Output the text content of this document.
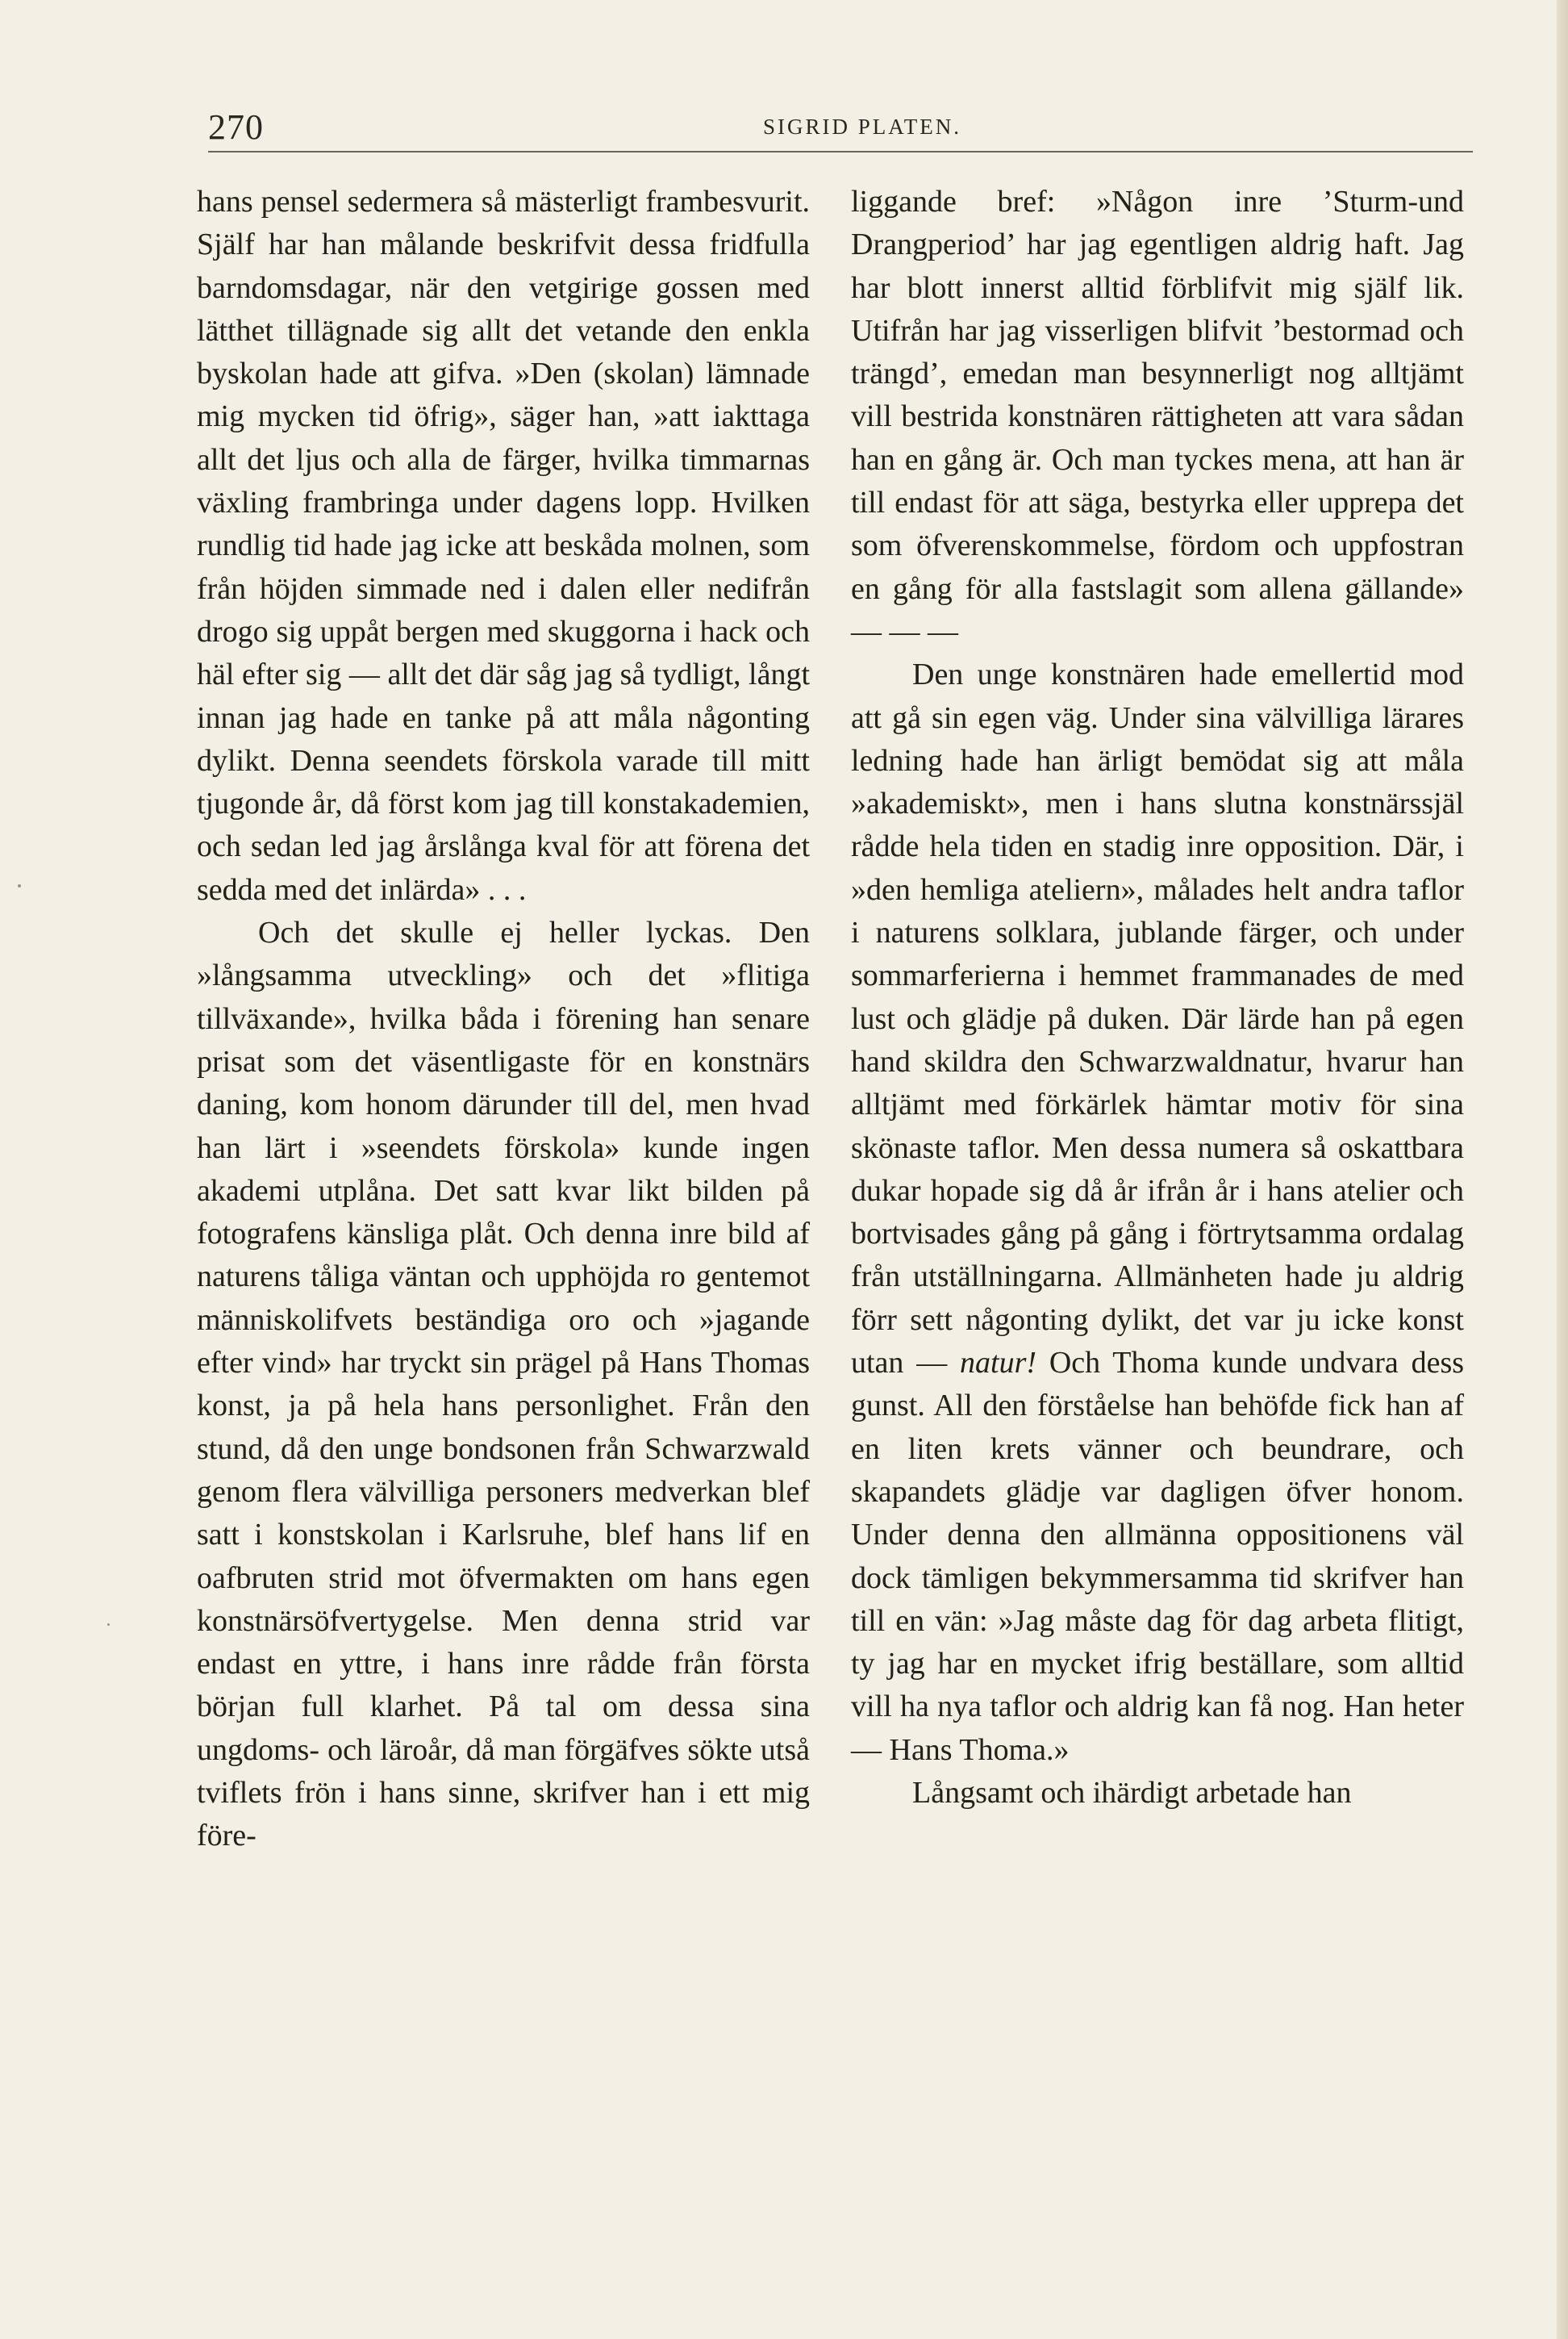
270	SIGRID PLATEN.

hans pensel sedermera så mästerligt frambesvurit. Själf har han målande beskrifvit dessa fridfulla barndomsdagar, när den vetgirige gossen med lätthet tillägnade sig allt det vetande den enkla byskolan hade att gifva. »Den (skolan) lämnade mig mycken tid öfrig», säger han, »att iakttaga allt det ljus och alla de färger, hvilka timmarnas växling frambringa under dagens lopp. Hvilken rundlig tid hade jag icke att beskåda molnen, som från höjden simmade ned i dalen eller nedifrån drogo sig uppåt bergen med skuggorna i hack och häl efter sig — allt det där såg jag så tydligt, långt innan jag hade en tanke på att måla någonting dylikt. Denna seendets förskola varade till mitt tjugonde år, då först kom jag till konstakademien, och sedan led jag årslånga kval för att förena det sedda med det inlärda» . . .

Och det skulle ej heller lyckas. Den »långsamma utveckling» och det »flitiga tillväxande», hvilka båda i förening han senare prisat som det väsentligaste för en konstnärs daning, kom honom därunder till del, men hvad han lärt i »seendets förskola» kunde ingen akademi utplåna. Det satt kvar likt bilden på fotografens känsliga plåt. Och denna inre bild af naturens tåliga väntan och upphöjda ro gentemot människolifvets beständiga oro och »jagande efter vind» har tryckt sin prägel på Hans Thomas konst, ja på hela hans personlighet. Från den stund, då den unge bondsonen från Schwarzwald genom flera välvilliga personers medverkan blef satt i konstskolan i Karlsruhe, blef hans lif en oafbruten strid mot öfvermakten om hans egen konstnärsöfvertygelse. Men denna strid var endast en yttre, i hans inre rådde från första början full klarhet. På tal om dessa sina ungdoms- och läroår, då man förgäfves sökte utså tviflets frön i hans sinne, skrifver han i ett mig före-

liggande bref: »Någon inre ’Sturm-und Drangperiod’ har jag egentligen aldrig haft. Jag har blott innerst alltid förblifvit mig själf lik. Utifrån har jag visserligen blifvit ’bestormad och trängd’, emedan man besynnerligt nog alltjämt vill bestrida konstnären rättigheten att vara sådan han en gång är. Och man tyckes mena, att han är till endast för att säga, bestyrka eller upprepa det som öfverenskommelse, fördom och uppfostran en gång för alla fastslagit som allena gällande» — — —

Den unge konstnären hade emellertid mod att gå sin egen väg. Under sina välvilliga lärares ledning hade han ärligt bemödat sig att måla »akademiskt», men i hans slutna konstnärssjäl rådde hela tiden en stadig inre opposition. Där, i »den hemliga ateliern», målades helt andra taflor i naturens solklara, jublande färger, och under sommarferierna i hemmet frammanades de med lust och glädje på duken. Där lärde han på egen hand skildra den Schwarzwaldnatur, hvarur han alltjämt med förkärlek hämtar motiv för sina skönaste taflor. Men dessa numera så oskattbara dukar hopade sig då år ifrån år i hans atelier och bortvisades gång på gång i förtrytsamma ordalag från utställningarna. Allmänheten hade ju aldrig förr sett någonting dylikt, det var ju icke konst utan — natur! Och Thoma kunde undvara dess gunst. All den förståelse han behöfde fick han af en liten krets vänner och beundrare, och skapandets glädje var dagligen öfver honom. Under denna den allmänna oppositionens väl dock tämligen bekymmersamma tid skrifver han till en vän: »Jag måste dag för dag arbeta flitigt, ty jag har en mycket ifrig beställare, som alltid vill ha nya taflor och aldrig kan få nog. Han heter — Hans Thoma.»

Långsamt och ihärdigt arbetade han
